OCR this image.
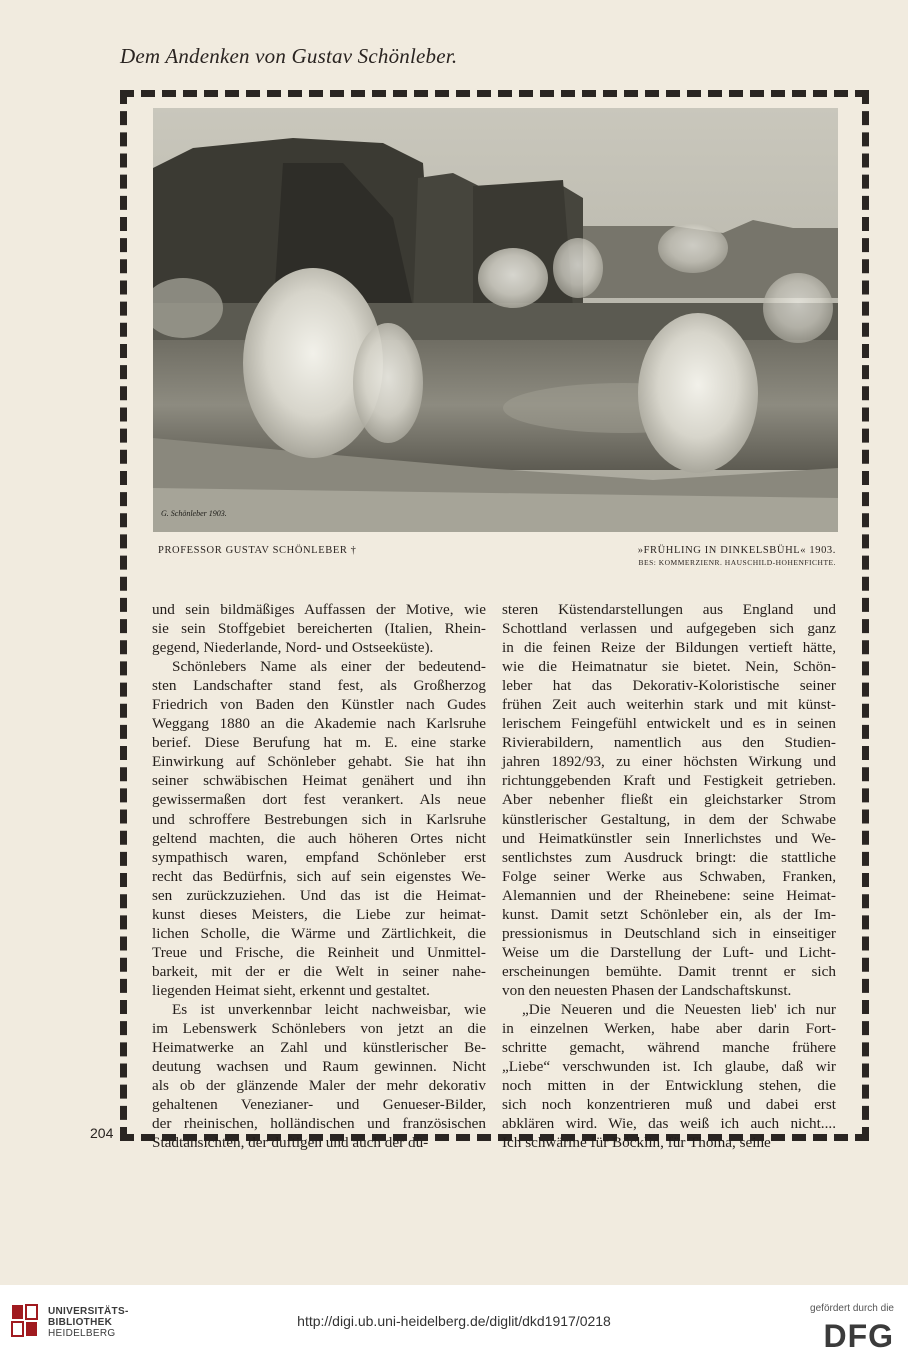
Dem Andenken von Gustav Schönleber.
G. Schönleber 1903.
PROFESSOR GUSTAV SCHÖNLEBER †	»FRÜHLING IN DINKELSBÜHL« 1903.
BES: KOMMERZIENR. HAUSCHILD-HOHENFICHTE.
und sein bildmäßiges Auffassen der Motive, wie
sie sein Stoffgebiet bereicherten (Italien, Rhein-
gegend, Niederlande, Nord- und Ostseeküste).
Schönlebers Name als einer der bedeutend-
sten Landschafter stand fest, als Großherzog
Friedrich von Baden den Künstler nach Gudes
Weggang 1880 an die Akademie nach Karlsruhe
berief. Diese Berufung hat m. E. eine starke
Einwirkung auf Schönleber gehabt. Sie hat ihn
seiner schwäbischen Heimat genähert und ihn
gewissermaßen dort fest verankert. Als neue
und schroffere Bestrebungen sich in Karlsruhe
geltend machten, die auch höheren Ortes nicht
sympathisch waren, empfand Schönleber erst
recht das Bedürfnis, sich auf sein eigenstes We-
sen zurückzuziehen. Und das ist die Heimat-
kunst dieses Meisters, die Liebe zur heimat-
lichen Scholle, die Wärme und Zärtlichkeit, die
Treue und Frische, die Reinheit und Unmittel-
barkeit, mit der er die Welt in seiner nahe-
liegenden Heimat sieht, erkennt und gestaltet.
Es ist unverkennbar leicht nachweisbar, wie
im Lebenswerk Schönlebers von jetzt an die
Heimatwerke an Zahl und künstlerischer Be-
deutung wachsen und Raum gewinnen. Nicht
als ob der glänzende Maler der mehr dekorativ
gehaltenen Venezianer- und Genueser-Bilder,
der rheinischen, holländischen und französischen
Stadtansichten, der duftigen und auch der dü-
steren Küstendarstellungen aus England und
Schottland verlassen und aufgegeben sich ganz
in die feinen Reize der Bildungen vertieft hätte,
wie die Heimatnatur sie bietet. Nein, Schön-
leber hat das Dekorativ-Koloristische seiner
frühen Zeit auch weiterhin stark und mit künst-
lerischem Feingefühl entwickelt und es in seinen
Rivierabildern, namentlich aus den Studien-
jahren 1892/93, zu einer höchsten Wirkung und
richtunggebenden Kraft und Festigkeit getrieben.
Aber nebenher fließt ein gleichstarker Strom
künstlerischer Gestaltung, in dem der Schwabe
und Heimatkünstler sein Innerlichstes und We-
sentlichstes zum Ausdruck bringt: die stattliche
Folge seiner Werke aus Schwaben, Franken,
Alemannien und der Rheinebene: seine Heimat-
kunst. Damit setzt Schönleber ein, als der Im-
pressionismus in Deutschland sich in einseitiger
Weise um die Darstellung der Luft- und Licht-
erscheinungen bemühte. Damit trennt er sich
von den neuesten Phasen der Landschaftskunst.
„Die Neueren und die Neuesten lieb' ich nur
in einzelnen Werken, habe aber darin Fort-
schritte gemacht, während manche frühere
„Liebe“ verschwunden ist. Ich glaube, daß wir
noch mitten in der Entwicklung stehen, die
sich noch konzentrieren muß und dabei erst
abklären wird. Wie, das weiß ich auch nicht....
Ich schwärme für Böcklin, für Thoma, seine
204
UNIVERSITÄTS-
BIBLIOTHEK
HEIDELBERG
http://digi.ub.uni-heidelberg.de/diglit/dkd1917/0218
gefördert durch die
DFG
